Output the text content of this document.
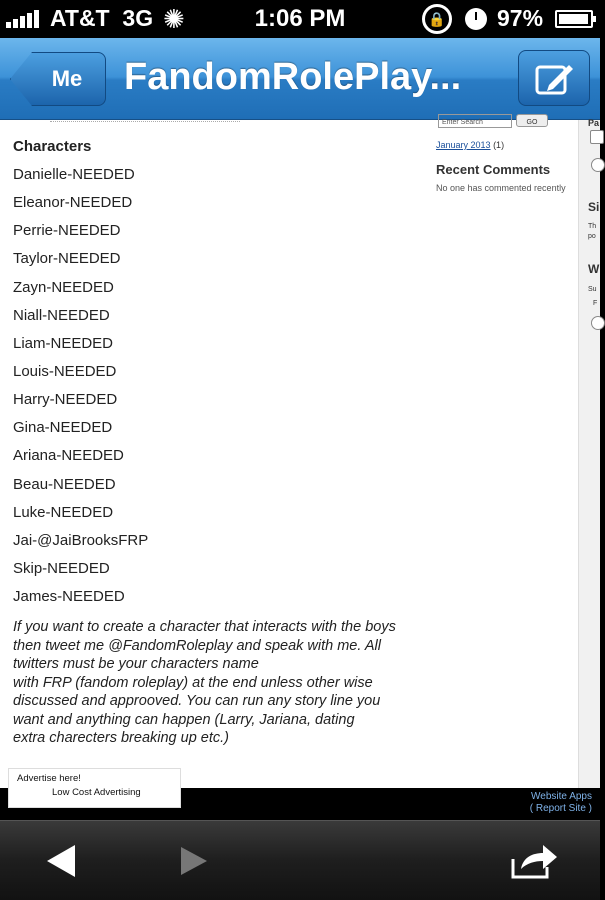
AT&T 3G ✺	1:06 PM	🔒 97%
Me	FandomRolePlay...
Characters
Danielle-NEEDED
Eleanor-NEEDED
Perrie-NEEDED
Taylor-NEEDED
Zayn-NEEDED
Niall-NEEDED
Liam-NEEDED
Louis-NEEDED
Harry-NEEDED
Gina-NEEDED
Ariana-NEEDED
Beau-NEEDED
Luke-NEEDED
Jai-@JaiBrooksFRP
Skip-NEEDED
James-NEEDED
If you want to create a character that interacts with the boys
then tweet me @FandomRoleplay and speak with me. All
twitters must be your characters name
with FRP (fandom roleplay) at the end unless other wise
discussed and approoved. You can run any story line you
want and anything can happen (Larry, Jariana, dating
extra charecters breaking up etc.)
Enter Search	GO
January 2013 (1)
Recent Comments
No one has commented recently
Pa
Si
Th
po
W
Su
F
Advertise here!
Low Cost Advertising	Website Apps
( Report Site )
